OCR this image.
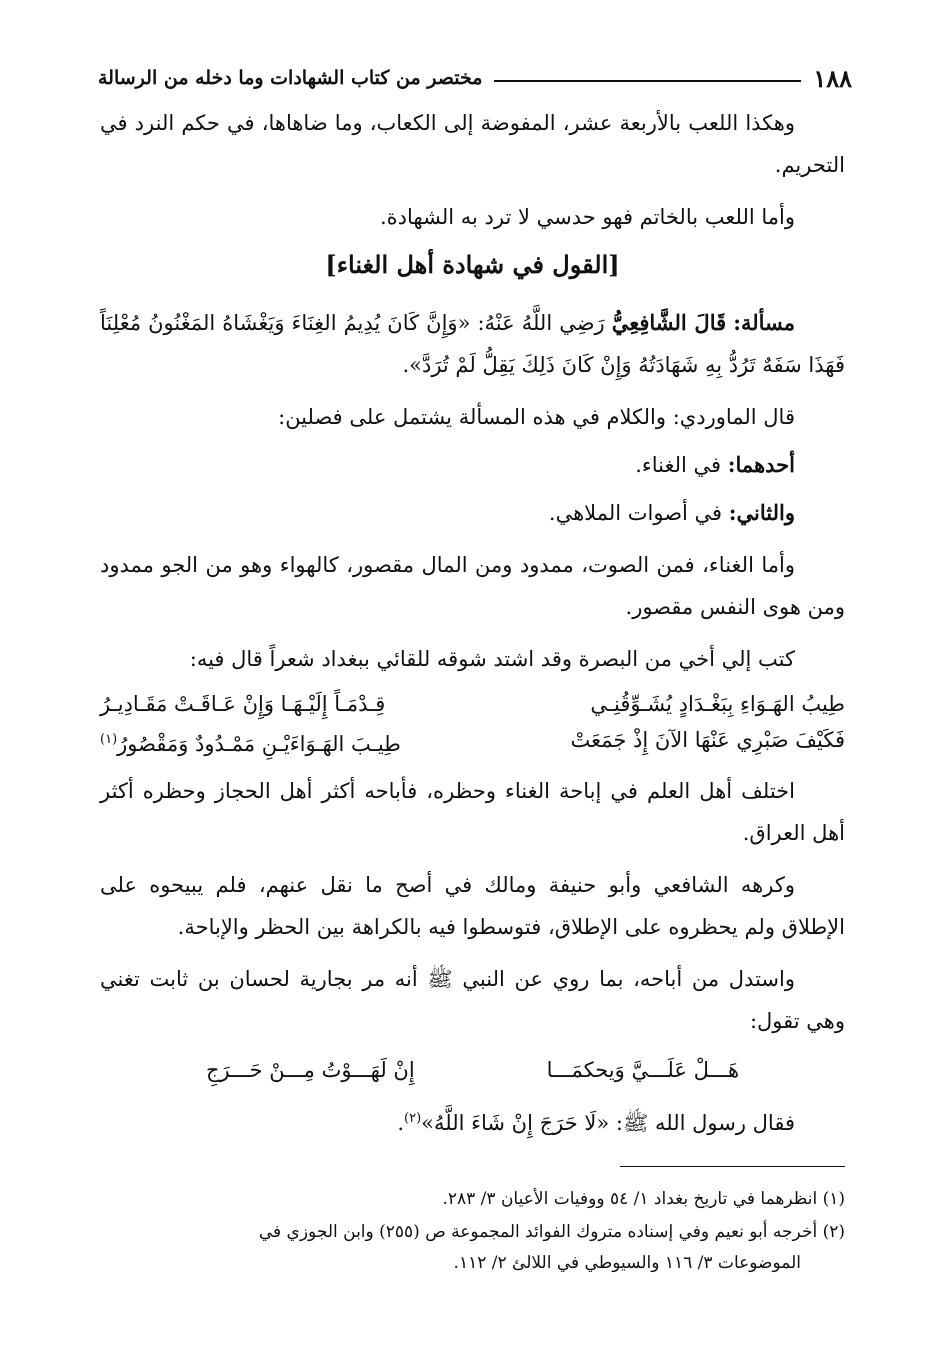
١٨٨
مختصر من كتاب الشهادات وما دخله من الرسالة

وهكذا اللعب بالأربعة عشر، المفوضة إلى الكعاب، وما ضاهاها، في حكم النرد في التحريم.

وأما اللعب بالخاتم فهو حدسي لا ترد به الشهادة.

[القول في شهادة أهل الغناء]

مسألة: قَالَ الشَّافِعِيُّ رَضِي اللَّهُ عَنْهُ: «وَإِنَّ كَانَ يُدِيمُ الغِنَاءَ وَيَغْشَاهُ المَغْنُونُ مُعْلِنَاً فَهَذَا سَفَهٌ تَرُدُّ بِهِ شَهَادَتُهُ وَإِنْ كَانَ ذَلِكَ يَقِلُّ لَمْ تُرَدَّ».

قال الماوردي: والكلام في هذه المسألة يشتمل على فصلين:

أحدهما: في الغناء.

والثاني: في أصوات الملاهي.

وأما الغناء، فمن الصوت، ممدود ومن المال مقصور، كالهواء وهو من الجو ممدود ومن هوى النفس مقصور.

كتب إلي أخي من البصرة وقد اشتد شوقه للقائي ببغداد شعراً قال فيه:

طِيبُ الهَـوَاءِ بِبَغْـدَادٍ يُشَـوِّقُنِـي
قِـدْمَـاً إِلَيْـهَـا وَإِنْ عَـاقَـتْ مَقَـادِيـرُ
فَكَيْفَ صَبْرِي عَنْهَا الآنَ إِذْ جَمَعَتْ
طِيـبَ الهَـوَاءَيْـنِ مَمْـدُودٌ وَمَقْصُورُ$^{(١)}$

اختلف أهل العلم في إباحة الغناء وحظره، فأباحه أكثر أهل الحجاز وحظره أكثر أهل العراق.

وكرهه الشافعي وأبو حنيفة ومالك في أصح ما نقل عنهم، فلم يبيحوه على الإطلاق ولم يحظروه على الإطلاق، فتوسطوا فيه بالكراهة بين الحظر والإباحة.

واستدل من أباحه، بما روي عن النبي ﷺ أنه مر بجارية لحسان بن ثابت تغني وهي تقول:

هَـــلْ عَلَـــيَّ وَيحكمَـــا
إِنْ لَهَـــوْتُ مِـــنْ حَـــرَجِ

فقال رسول الله ﷺ: «لَا حَرَجَ إِنْ شَاءَ اللَّهُ»$^{(٢)}$.

(١) انظرهما في تاريخ بغداد ١/ ٥٤ ووفيات الأعيان ٣/ ٢٨٣.
(٢) أخرجه أبو نعيم وفي إسناده متروك الفوائد المجموعة ص (٢٥٥) وابن الجوزي في
الموضوعات ٣/ ١١٦ والسيوطي في اللالئ ٢/ ١١٢.
